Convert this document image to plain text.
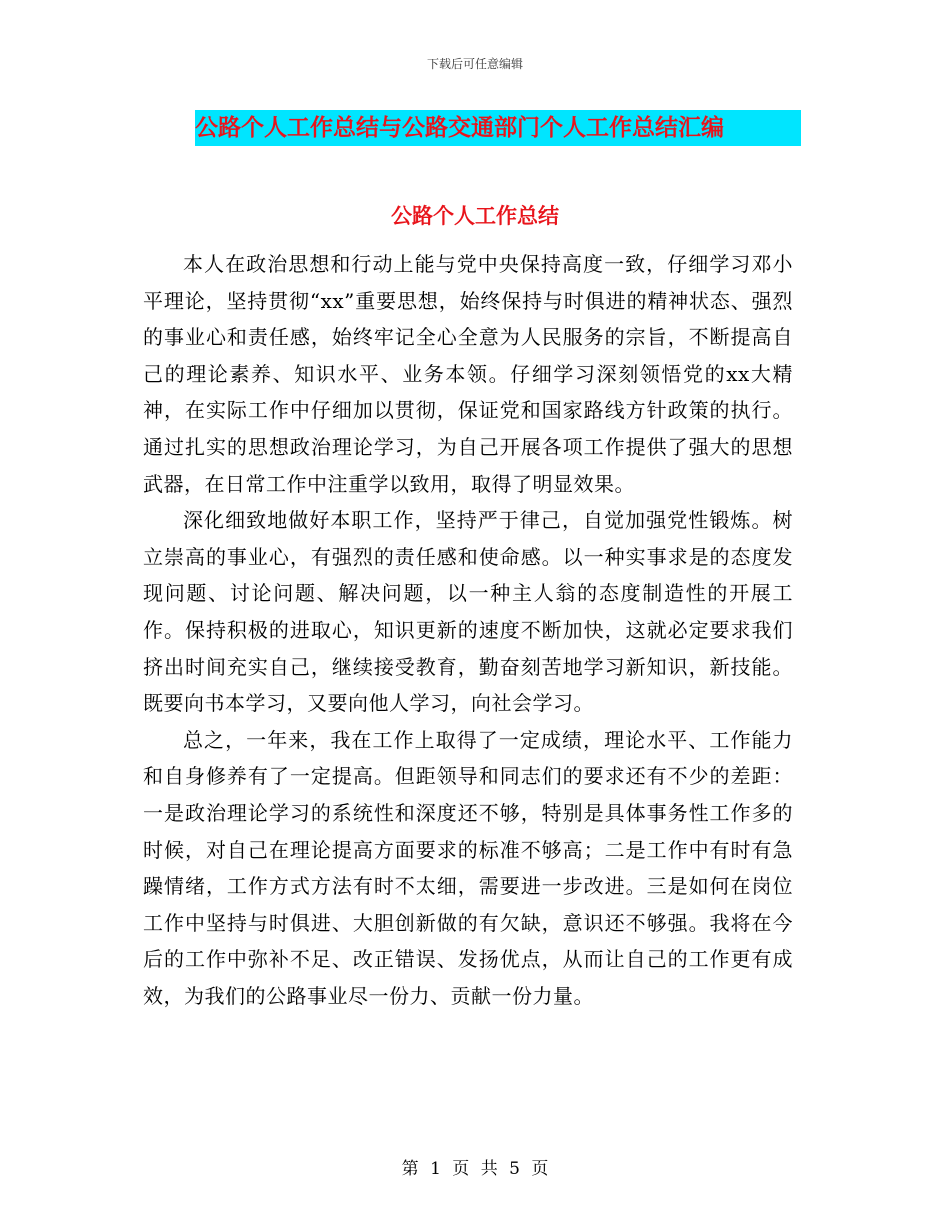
下载后可任意编辑
公路个人工作总结与公路交通部门个人工作总结汇编
公路个人工作总结

本人在政治思想和行动上能与党中央保持高度一致，仔细学习邓小平理论，坚持贯彻“xx”重要思想，始终保持与时俱进的精神状态、强烈的事业心和责任感，始终牢记全心全意为人民服务的宗旨，不断提高自己的理论素养、知识水平、业务本领。仔细学习深刻领悟党的xx大精神，在实际工作中仔细加以贯彻，保证党和国家路线方针政策的执行。通过扎实的思想政治理论学习，为自己开展各项工作提供了强大的思想武器，在日常工作中注重学以致用，取得了明显效果。

深化细致地做好本职工作，坚持严于律己，自觉加强党性锻炼。树立崇高的事业心，有强烈的责任感和使命感。以一种实事求是的态度发现问题、讨论问题、解决问题，以一种主人翁的态度制造性的开展工作。保持积极的进取心，知识更新的速度不断加快，这就必定要求我们挤出时间充实自己，继续接受教育，勤奋刻苦地学习新知识，新技能。既要向书本学习，又要向他人学习，向社会学习。

总之，一年来，我在工作上取得了一定成绩，理论水平、工作能力和自身修养有了一定提高。但距领导和同志们的要求还有不少的差距：一是政治理论学习的系统性和深度还不够，特别是具体事务性工作多的时候，对自己在理论提高方面要求的标准不够高；二是工作中有时有急躁情绪，工作方式方法有时不太细，需要进一步改进。三是如何在岗位工作中坚持与时俱进、大胆创新做的有欠缺，意识还不够强。我将在今后的工作中弥补不足、改正错误、发扬优点，从而让自己的工作更有成效，为我们的公路事业尽一份力、贡献一份力量。

第 1 页 共 5 页
